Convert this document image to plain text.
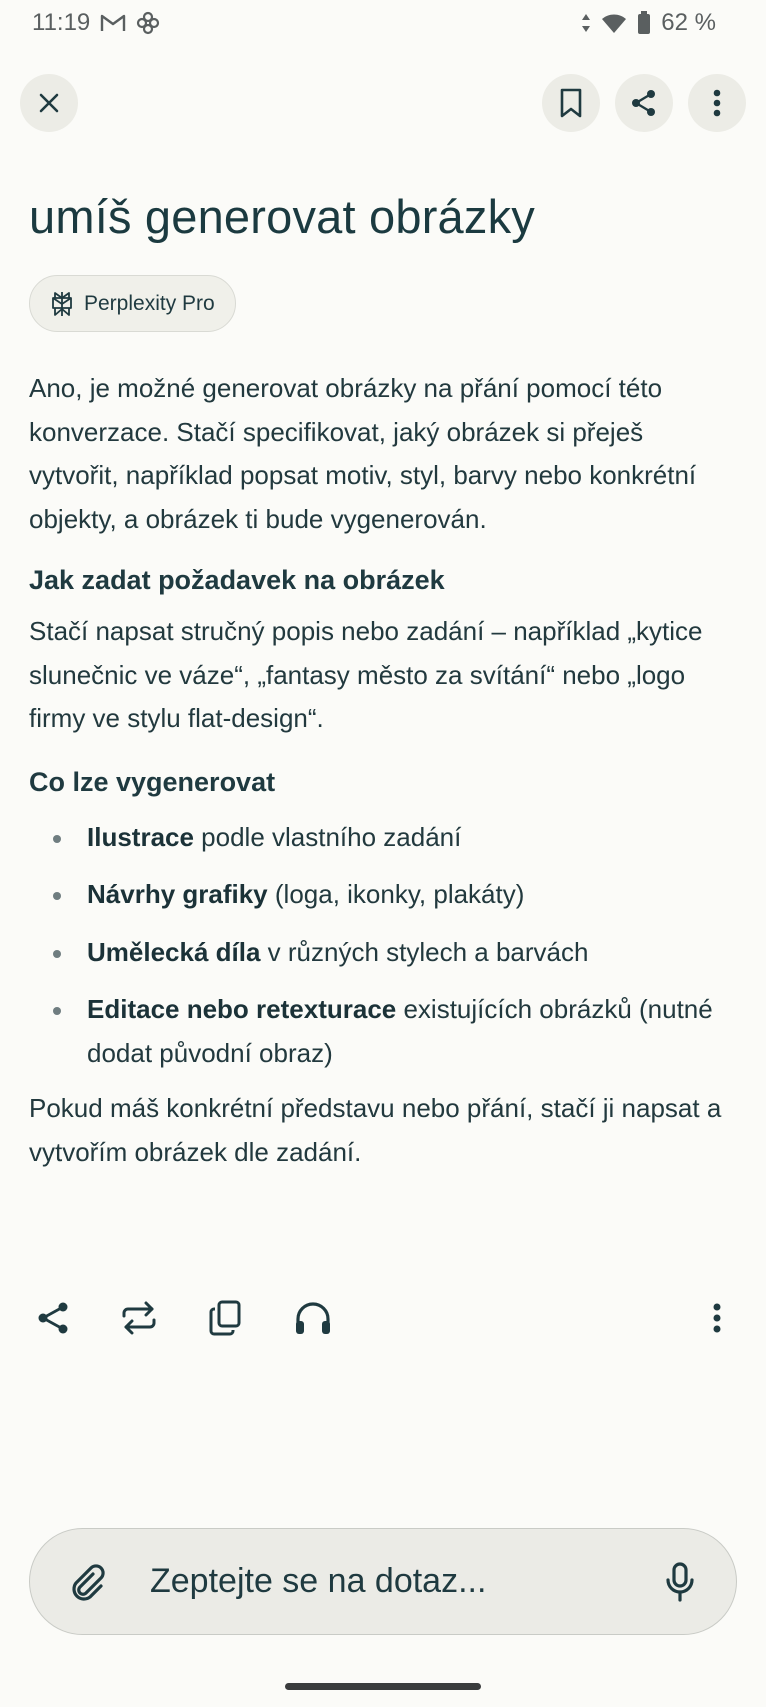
11:19	62 %
umíš generovat obrázky
Perplexity Pro

Ano, je možné generovat obrázky na přání pomocí této konverzace. Stačí specifikovat, jaký obrázek si přeješ vytvořit, například popsat motiv, styl, barvy nebo konkrétní objekty, a obrázek ti bude vygenerován.

Jak zadat požadavek na obrázek

Stačí napsat stručný popis nebo zadání – například „kytice slunečnic ve váze“, „fantasy město za svítání“ nebo „logo firmy ve stylu flat-design“.

Co lze vygenerovat
Ilustrace podle vlastního zadání
Návrhy grafiky (loga, ikonky, plakáty)
Umělecká díla v různých stylech a barvách
Editace nebo retexturace existujících obrázků (nutné dodat původní obraz)

Pokud máš konkrétní představu nebo přání, stačí ji napsat a vytvořím obrázek dle zadání.

Zeptejte se na dotaz...
